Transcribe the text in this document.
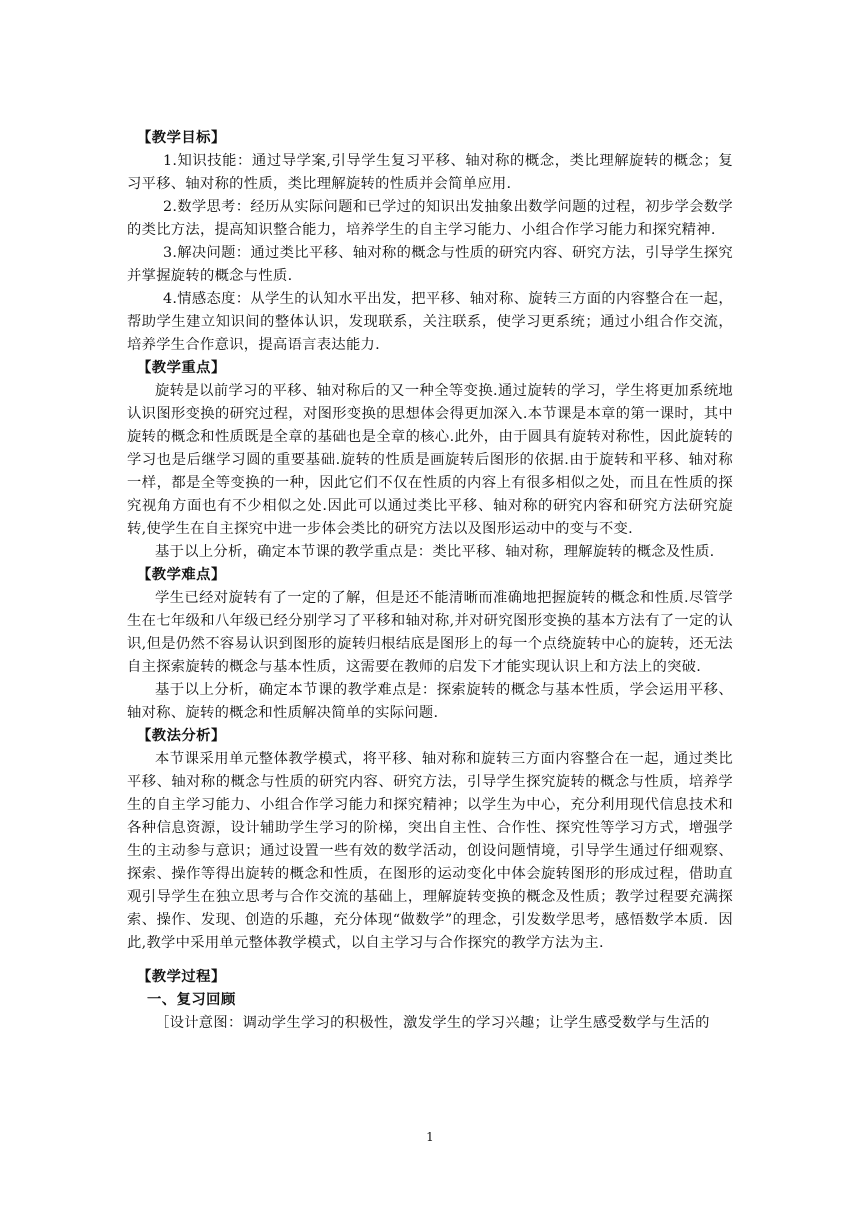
【教学目标】

1.知识技能：通过导学案,引导学生复习平移、轴对称的概念，类比理解旋转的概念；复习平移、轴对称的性质，类比理解旋转的性质并会简单应用.

2.数学思考：经历从实际问题和已学过的知识出发抽象出数学问题的过程，初步学会数学的类比方法，提高知识整合能力，培养学生的自主学习能力、小组合作学习能力和探究精神.

3.解决问题：通过类比平移、轴对称的概念与性质的研究内容、研究方法，引导学生探究并掌握旋转的概念与性质.

4.情感态度：从学生的认知水平出发，把平移、轴对称、旋转三方面的内容整合在一起，帮助学生建立知识间的整体认识，发现联系，关注联系，使学习更系统；通过小组合作交流，培养学生合作意识，提高语言表达能力.

【教学重点】

旋转是以前学习的平移、轴对称后的又一种全等变换.通过旋转的学习，学生将更加系统地认识图形变换的研究过程，对图形变换的思想体会得更加深入.本节课是本章的第一课时，其中旋转的概念和性质既是全章的基础也是全章的核心.此外，由于圆具有旋转对称性，因此旋转的学习也是后继学习圆的重要基础.旋转的性质是画旋转后图形的依据.由于旋转和平移、轴对称一样，都是全等变换的一种，因此它们不仅在性质的内容上有很多相似之处，而且在性质的探究视角方面也有不少相似之处.因此可以通过类比平移、轴对称的研究内容和研究方法研究旋转,使学生在自主探究中进一步体会类比的研究方法以及图形运动中的变与不变.

基于以上分析，确定本节课的教学重点是：类比平移、轴对称，理解旋转的概念及性质.

【教学难点】

学生已经对旋转有了一定的了解，但是还不能清晰而准确地把握旋转的概念和性质.尽管学生在七年级和八年级已经分别学习了平移和轴对称,并对研究图形变换的基本方法有了一定的认识,但是仍然不容易认识到图形的旋转归根结底是图形上的每一个点绕旋转中心的旋转，还无法自主探索旋转的概念与基本性质，这需要在教师的启发下才能实现认识上和方法上的突破.

基于以上分析，确定本节课的教学难点是：探索旋转的概念与基本性质，学会运用平移、轴对称、旋转的概念和性质解决简单的实际问题.

【教法分析】

本节课采用单元整体教学模式，将平移、轴对称和旋转三方面内容整合在一起，通过类比平移、轴对称的概念与性质的研究内容、研究方法，引导学生探究旋转的概念与性质，培养学生的自主学习能力、小组合作学习能力和探究精神；以学生为中心，充分利用现代信息技术和各种信息资源，设计辅助学生学习的阶梯，突出自主性、合作性、探究性等学习方式，增强学生的主动参与意识；通过设置一些有效的数学活动，创设问题情境，引导学生通过仔细观察、探索、操作等得出旋转的概念和性质，在图形的运动变化中体会旋转图形的形成过程，借助直观引导学生在独立思考与合作交流的基础上，理解旋转变换的概念及性质；教学过程要充满探索、操作、发现、创造的乐趣，充分体现“做数学”的理念，引发数学思考，感悟数学本质．因此,教学中采用单元整体教学模式，以自主学习与合作探究的教学方法为主.

【教学过程】

一、复习回顾

［设计意图：调动学生学习的积极性，激发学生的学习兴趣；让学生感受数学与生活的

1
